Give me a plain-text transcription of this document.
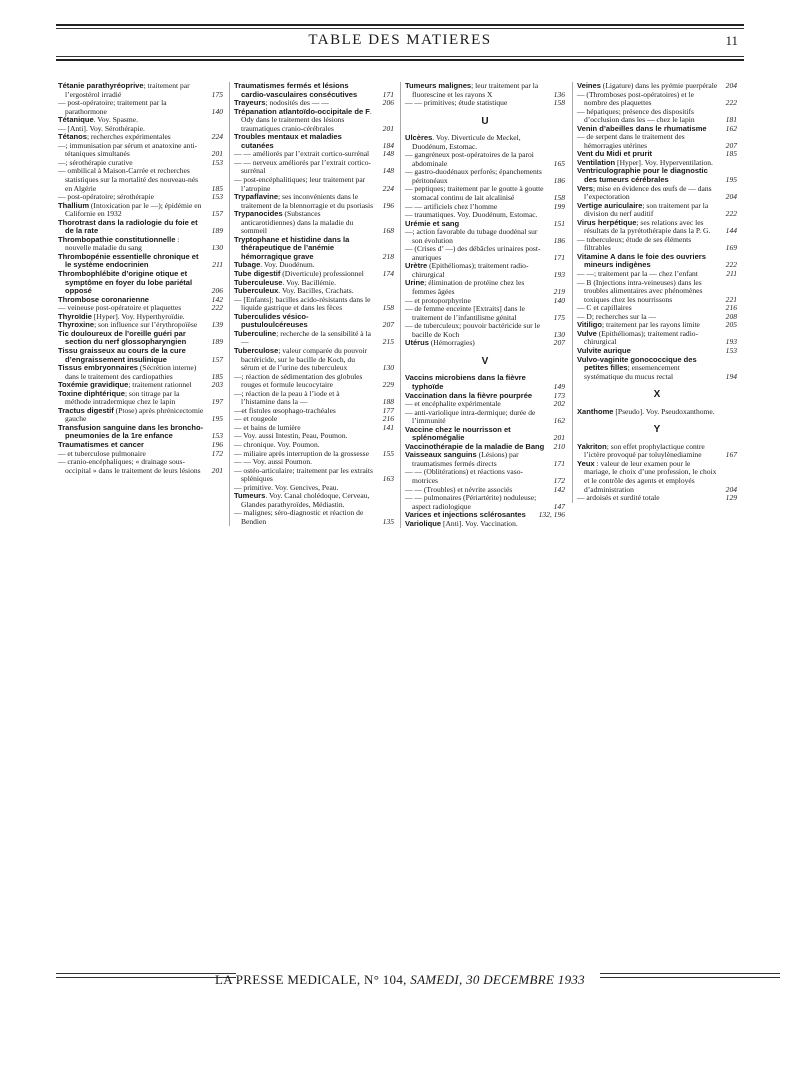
TABLE DES MATIERES	11
Tétanie parathyréoprive; traitement par l’ergostérol irradié	175
— post-opératoire; traitement par la parathormone	140
Tétanique. Voy. Spasme.
— [Anti]. Voy. Sérothérapie.
Tétanos; recherches expérimentales	224
—; immunisation par sérum et anatoxine anti-tétaniques simultanés	201
—; sérothérapie curative	153
— ombilical à Maison-Carrée et recherches statistiques sur la mortalité des nouveau-nés en Algérie	185
— post-opératoire; sérothérapie	153
Thallium (Intoxication par le —); épidémie en Californie en 1932	157
Thorotrast dans la radiologie du foie et de la rate	189
Thrombopathie constitutionnelle : nouvelle maladie du sang	130
Thrombopénie essentielle chronique et le système endocrinien	211
Thrombophlébite d’origine otique et symptôme en foyer du lobe pariétal opposé	206
Thrombose coronarienne	142
— veineuse post-opératoire et plaquettes	222
Thyroïdie [Hyper]. Voy. Hyperthyroïdie.
Thyroxine; son influence sur l’érythropoïèse	139
Tic douloureux de l’oreille guéri par section du nerf glossopharyngien	189
Tissu graisseux au cours de la cure d’engraissement insulinique	157
Tissus embryonnaires (Sécrétion interne) dans le traitement des cardiopathies	185
Toxémie gravidique; traitement rationnel	203
Toxine diphtérique; son titrage par la méthode intradermique chez le lapin	197
Tractus digestif (Ptose) après phrénicectomie gauche	195
Transfusion sanguine dans les broncho-pneumonies de la 1re enfance	153
Traumatismes et cancer	196
— et tuberculose pulmonaire	172
— cranio-encéphaliques; « drainage sous-occipital » dans le traitement de leurs lésions	201
Traumatismes fermés et lésions cardio-vasculaires consécutives	171
Trayeurs; nodosités des — —	206
Trépanation atlantoïdo-occipitale de F. Ody dans le traitement des lésions traumatiques cranio-cérébrales	201
Troubles mentaux et maladies cutanées	184
— — améliorés par l’extrait cortico-surrénal	148
— — nerveux améliorés par l’extrait cortico-surrénal	148
— post-encéphalitiques; leur traitement par l’atropine	224
Trypaflavine; ses inconvénients dans le traitement de la blennorragie et du psoriasis 196
Trypanocides (Substances anticarotidiennes) dans la maladie du sommeil	168
Tryptophane et histidine dans la thérapeutique de l’anémie hémorragique grave	218
Tubage. Voy. Duodénum.
Tube digestif (Diverticule) professionnel	174
Tuberculeuse. Voy. Bacillémie.
Tuberculeux. Voy. Bacilles, Crachats.
— [Enfants]; bacilles acido-résistants dans le liquide gastrique et dans les fèces	158
Tuberculides vésico-pustuloulcéreuses	207
Tuberculine; recherche de la sensibilité à la —	215
Tuberculose; valeur comparée du pouvoir bactéricide, sur le bacille de Koch, du sérum et de l’urine des tuberculeux	130
—; réaction de sédimentation des globules rouges et formule leucocytaire	229
—; réaction de la peau à l’iode et à l’histamine dans la —	188
—et fistules œsophago-trachéales	177
— et rougeole	216
— et bains de lumière	141
— Voy. aussi Intestin, Peau, Poumon.
— chronique. Voy. Poumon.
— miliaire après interruption de la grossesse	155
— — Voy. aussi Poumon.
— ostéo-articulaire; traitement par les extraits spléniques	163
— primitive. Voy. Gencives, Peau.
Tumeurs. Voy. Canal cholédoque, Cerveau, Glandes parathyroïdes, Médiastin.
— malignes; séro-diagnostic et réaction de Bendien	135
Tumeurs malignes; leur traitement par la fluorescine et les rayons X	136
— — primitives; étude statistique	158
U
Ulcères. Voy. Diverticule de Meckel, Duodénum, Estomac.
— gangréneux post-opératoires de la paroi abdominale	165
— gastro-duodénaux perforés; épanchements péritonéaux	186
— peptiques; traitement par le goutte à goutte stomacal continu de lait alcalinisé	158
— — artificiels chez l’homme	199
— traumatiques. Voy. Duodénum, Estomac.
Urémie et sang	151
—; action favorable du tubage duodénal sur son évolution	186
— (Crises d’ —) des débâcles urinaires post-anuriques	171
Urètre (Epithéliomas); traitement radio-chirurgical	193
Urine; élimination de protéine chez les femmes âgées	219
— et protoporphyrine	140
— de femme enceinte [Extraits] dans le traitement de l’infantilisme génital	175
— de tuberculeux; pouvoir bactéricide sur le bacille de Koch	130
Utérus (Hémorragies)	207
V
Vaccins microbiens dans la fièvre typhoïde	149
Vaccination dans la fièvre pourprée	173
— et encéphalite expérimentale	202
— anti-variolique intra-dermique; durée de l’immunité	162
Vaccine chez le nourrisson et splénomégalie	201
Vaccinothérapie de la maladie de Bang 210
Vaisseaux sanguins (Lésions) par traumatismes fermés directs	171
— — (Oblitérations) et réactions vaso-motrices	172
— — (Troubles) et névrite associés	142
— — pulmonaires (Périartérite) noduleuse; aspect radiologique	147
Varices et injections sclérosantes	132, 196
Variolique [Anti]. Voy. Vaccination.
Veines (Ligature) dans les pyémie puerpérale 204
— (Thromboses post-opératoires) et le nombre des plaquettes	222
— hépatiques; présence des dispositifs d’occlusion dans les — chez le lapin	181
Venin d’abeilles dans le rhumatisme	162
— de serpent dans le traitement des hémorragies utérines	207
Vent du Midi et prurit	185
Ventilation [Hyper]. Voy. Hyperventilation.
Ventriculographie pour le diagnostic des tumeurs cérébrales	195
Vers; mise en évidence des œufs de — dans l’expectoration	204
Vertige auriculaire; son traitement par la division du nerf auditif	222
Virus herpétique; ses relations avec les résultats de la pyrétothérapie dans la P. G.	144
— tuberculeux; étude de ses éléments filtrables	169
Vitamine A dans le foie des ouvriers mineurs indigènes	222
— —; traitement par la — chez l’enfant	211
— B (Injections intra-veineuses) dans les troubles alimentaires avec phénomènes toxiques chez les nourrissons	221
— C et capillaires	216
— D; recherches sur la —	208
Vitiligo; traitement par les rayons limite	205
Vulve (Epithéliomas); traitement radio-chirurgical	193
Vulvite aurique	153
Vulvo-vaginite gonococcique des petites filles; ensemencement systématique du mucus rectal	194
X
Xanthome [Pseudo]. Voy. Pseudoxanthome.
Y
Yakriton; son effet prophylactique contre l’ictère provoqué par toluylènediamine	167
Yeux : valeur de leur examen pour le mariage, le choix d’une profession, le choix et le contrôle des agents et employés d’administration	204
— ardoisés et surdité totale	129
LA PRESSE MEDICALE, N° 104, SAMEDI, 30 DECEMBRE 1933
